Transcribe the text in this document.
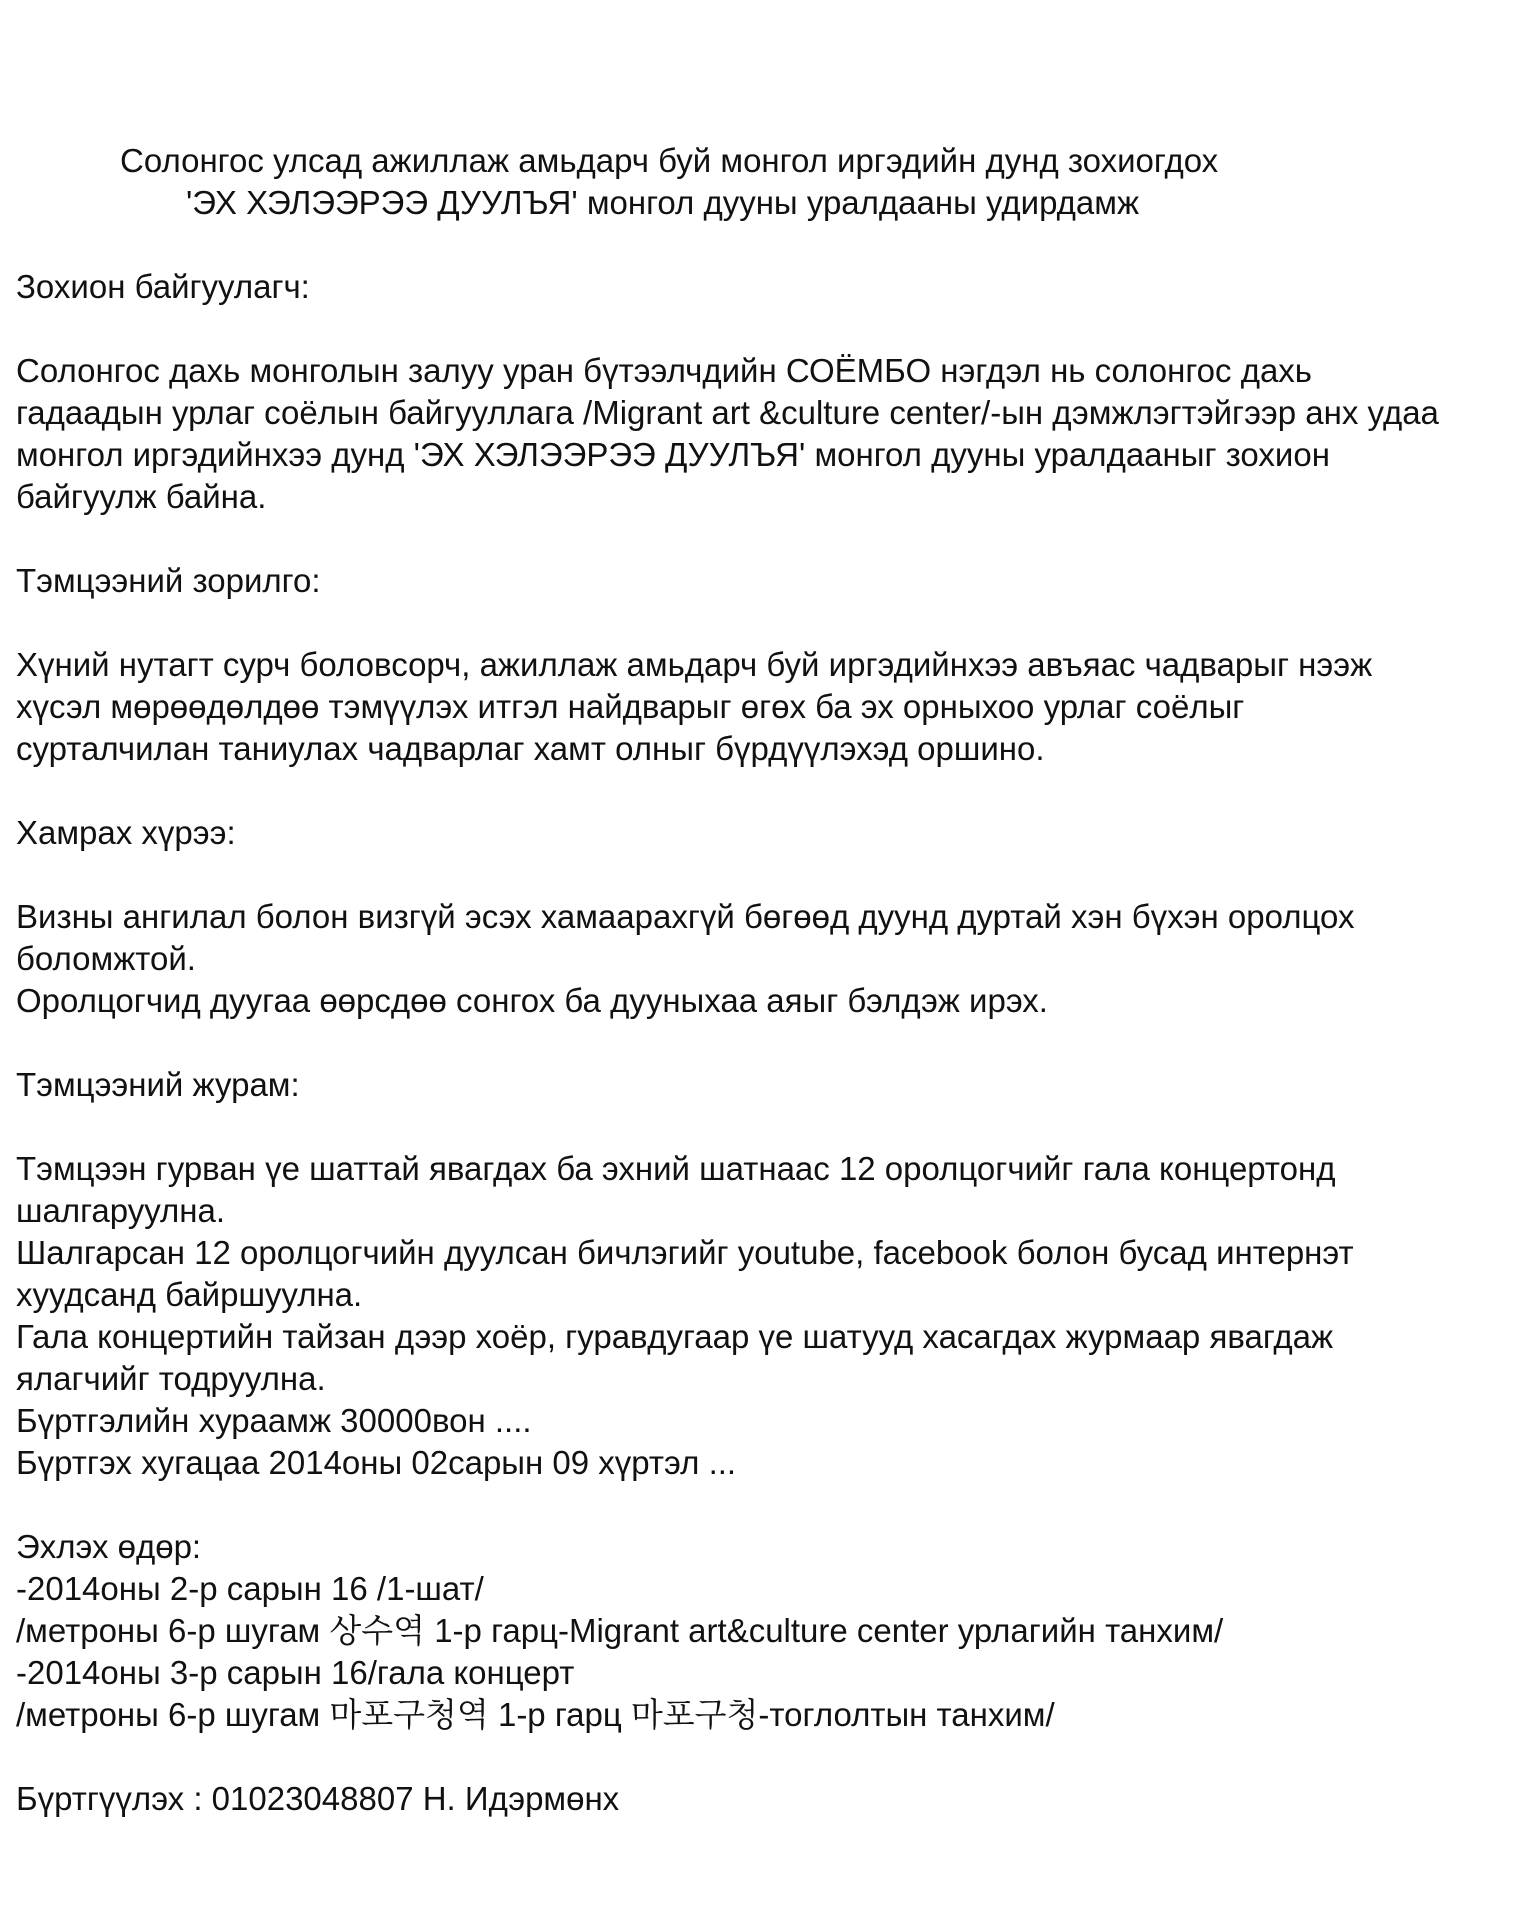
Солонгос улсад ажиллаж амьдарч буй монгол иргэдийн дунд зохиогдох
'ЭХ ХЭЛЭЭРЭЭ ДУУЛЪЯ' монгол дууны уралдааны удирдамж
Зохион байгуулагч:
Солонгос дахь монголын залуу уран бүтээлчдийн СОЁМБО нэгдэл нь солонгос дахь
гадаадын урлаг соёлын байгууллага /Migrant art &culture center/-ын дэмжлэгтэйгээр анх удаа
монгол иргэдийнхээ дунд 'ЭХ ХЭЛЭЭРЭЭ ДУУЛЪЯ' монгол дууны уралдааныг зохион
байгуулж байна.
Тэмцээний зорилго:
Хүний нутагт сурч боловсорч, ажиллаж амьдарч буй иргэдийнхээ авъяас чадварыг нээж
хүсэл мөрөөдөлдөө тэмүүлэх итгэл найдварыг өгөх ба эх орныхоо урлаг соёлыг
сурталчилан таниулах чадварлаг хамт олныг бүрдүүлэхэд оршино.
Хамрах хүрээ:
Визны ангилал болон визгүй эсэх хамаарахгүй бөгөөд дуунд дуртай хэн бүхэн оролцох
боломжтой.
Оролцогчид дуугаа өөрсдөө сонгох ба дууныхаа аяыг бэлдэж ирэх.
Тэмцээний журам:
Тэмцээн гурван үе шаттай явагдах ба эхний шатнаас 12 оролцогчийг гала концертонд
шалгаруулна.
Шалгарсан 12 оролцогчийн дуулсан бичлэгийг youtube, facebook болон бусад интернэт
хуудсанд байршуулна.
Гала концертийн тайзан дээр хоёр, гуравдугаар үе шатууд хасагдах журмаар явагдаж
ялагчийг тодруулна.
Бүртгэлийн хураамж 30000вон ....
Бүртгэх хугацаа 2014оны 02сарын 09 хүртэл ...
Эхлэх өдөр:
-2014оны 2-р сарын 16 /1-шат/
/метроны 6-р шугам 상수역 1-р гарц-Migrant art&culture center урлагийн танхим/
-2014оны 3-р сарын 16/гала концерт
/метроны 6-р шугам 마포구청역 1-р гарц 마포구청-тоглолтын танхим/
Бүртгүүлэх : 01023048807 Н. Идэрмөнх
